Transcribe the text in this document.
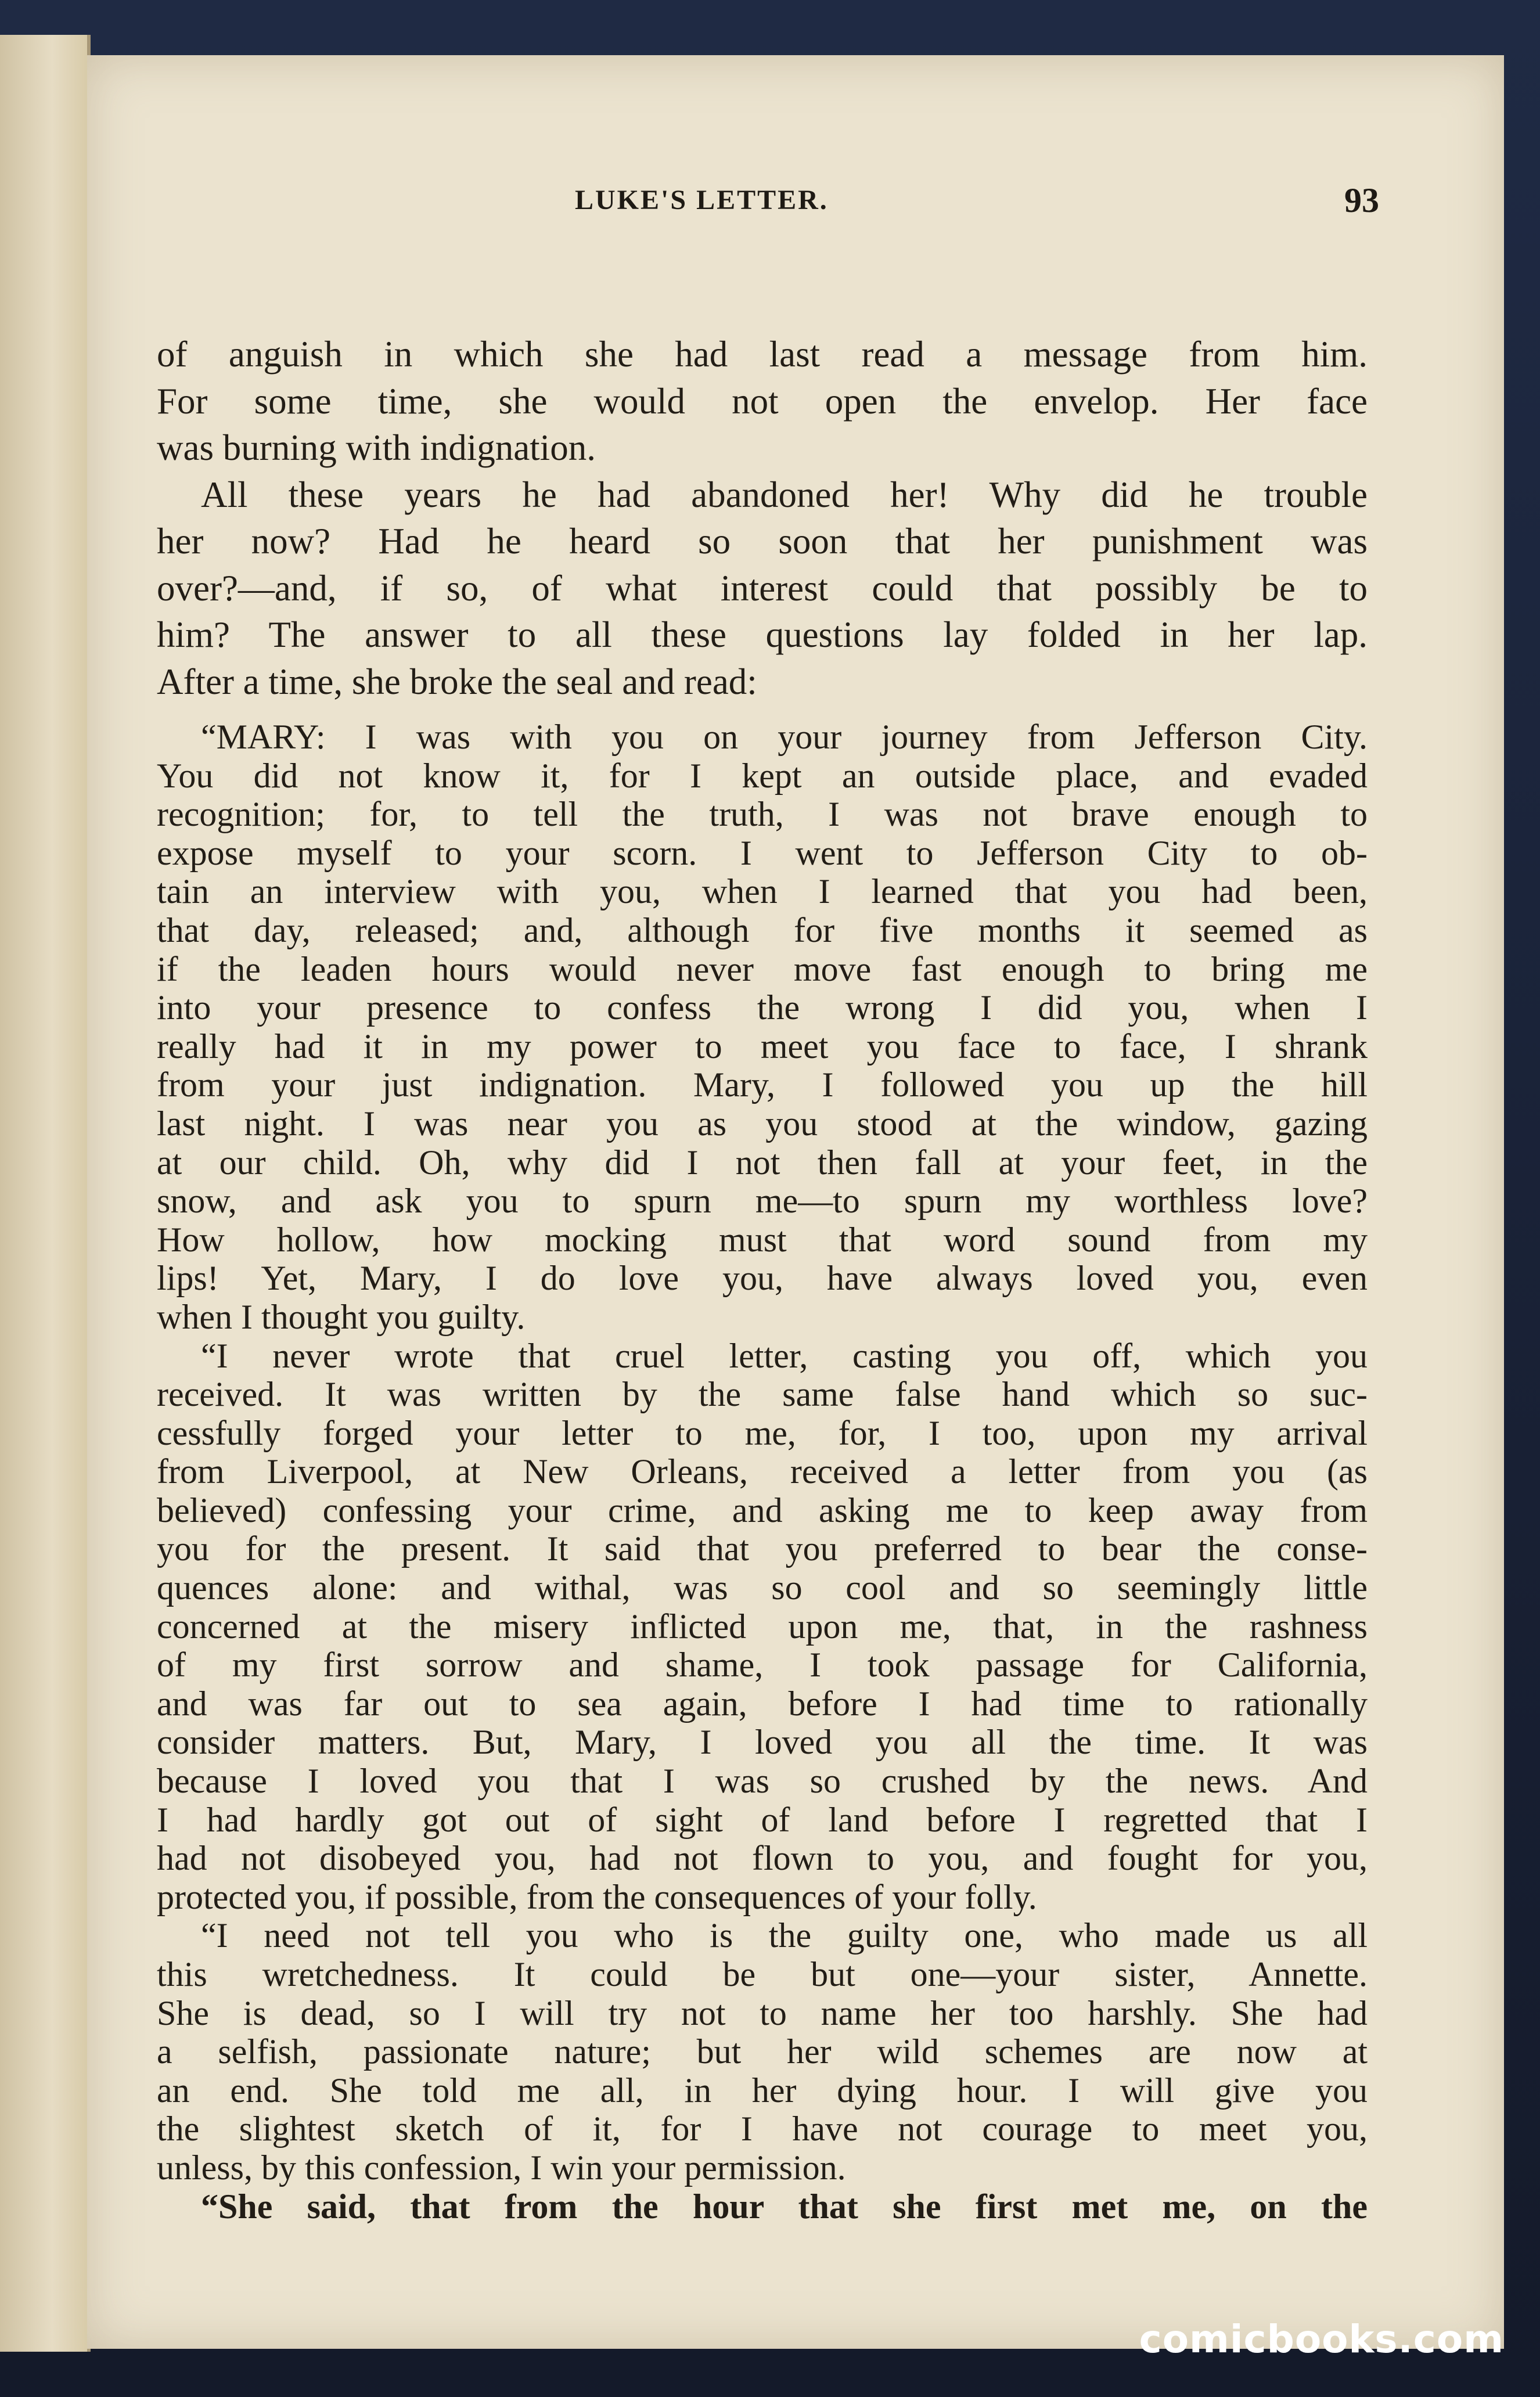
LUKE'S LETTER.	93
of anguish in which she had last read a message from him.
For some time, she would not open the envelop. Her face
was burning with indignation.
All these years he had abandoned her! Why did he trouble
her now? Had he heard so soon that her punishment was
over?—and, if so, of what interest could that possibly be to
him? The answer to all these questions lay folded in her lap.
After a time, she broke the seal and read:
“MARY: I was with you on your journey from Jefferson City.
You did not know it, for I kept an outside place, and evaded
recognition; for, to tell the truth, I was not brave enough to
expose myself to your scorn. I went to Jefferson City to ob-
tain an interview with you, when I learned that you had been,
that day, released; and, although for five months it seemed as
if the leaden hours would never move fast enough to bring me
into your presence to confess the wrong I did you, when I
really had it in my power to meet you face to face, I shrank
from your just indignation. Mary, I followed you up the hill
last night. I was near you as you stood at the window, gazing
at our child. Oh, why did I not then fall at your feet, in the
snow, and ask you to spurn me—to spurn my worthless love?
How hollow, how mocking must that word sound from my
lips! Yet, Mary, I do love you, have always loved you, even
when I thought you guilty.
“I never wrote that cruel letter, casting you off, which you
received. It was written by the same false hand which so suc-
cessfully forged your letter to me, for, I too, upon my arrival
from Liverpool, at New Orleans, received a letter from you (as
believed) confessing your crime, and asking me to keep away from
you for the present. It said that you preferred to bear the conse-
quences alone: and withal, was so cool and so seemingly little
concerned at the misery inflicted upon me, that, in the rashness
of my first sorrow and shame, I took passage for California,
and was far out to sea again, before I had time to rationally
consider matters. But, Mary, I loved you all the time. It was
because I loved you that I was so crushed by the news. And
I had hardly got out of sight of land before I regretted that I
had not disobeyed you, had not flown to you, and fought for you,
protected you, if possible, from the consequences of your folly.
“I need not tell you who is the guilty one, who made us all
this wretchedness. It could be but one—your sister, Annette.
She is dead, so I will try not to name her too harshly. She had
a selfish, passionate nature; but her wild schemes are now at
an end. She told me all, in her dying hour. I will give you
the slightest sketch of it, for I have not courage to meet you,
unless, by this confession, I win your permission.
“She said, that from the hour that she first met me, on the
comicbooks.com
